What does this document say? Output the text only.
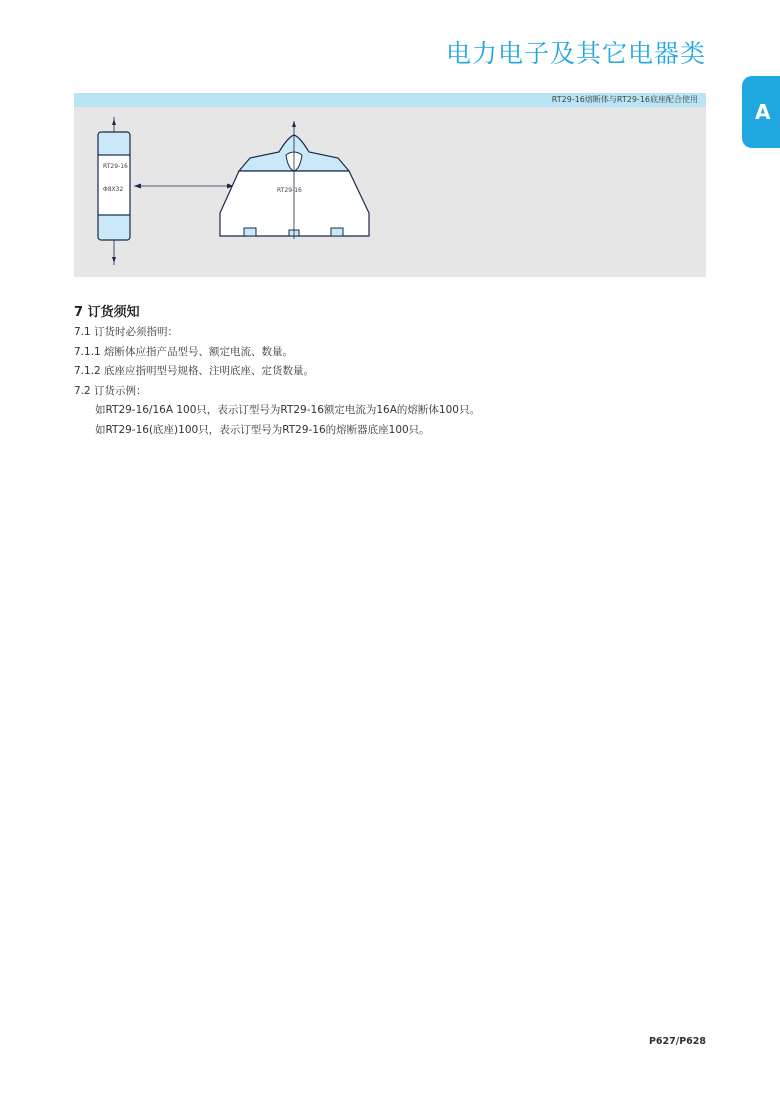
电力电子及其它电器类
A
RT29-16熔断体与RT29-16底座配合使用
RT29-16
Φ8X32	RT29-16
7 订货须知
7.1 订货时必须指明：
7.1.1 熔断体应指产品型号、额定电流、数量。
7.1.2 底座应指明型号规格、注明底座、定货数量。
7.2 订货示例：
如RT29-16/16A 100只，表示订型号为RT29-16额定电流为16A的熔断体100只。
如RT29-16(底座)100只，表示订型号为RT29-16的熔断器底座100只。
P627/P628
